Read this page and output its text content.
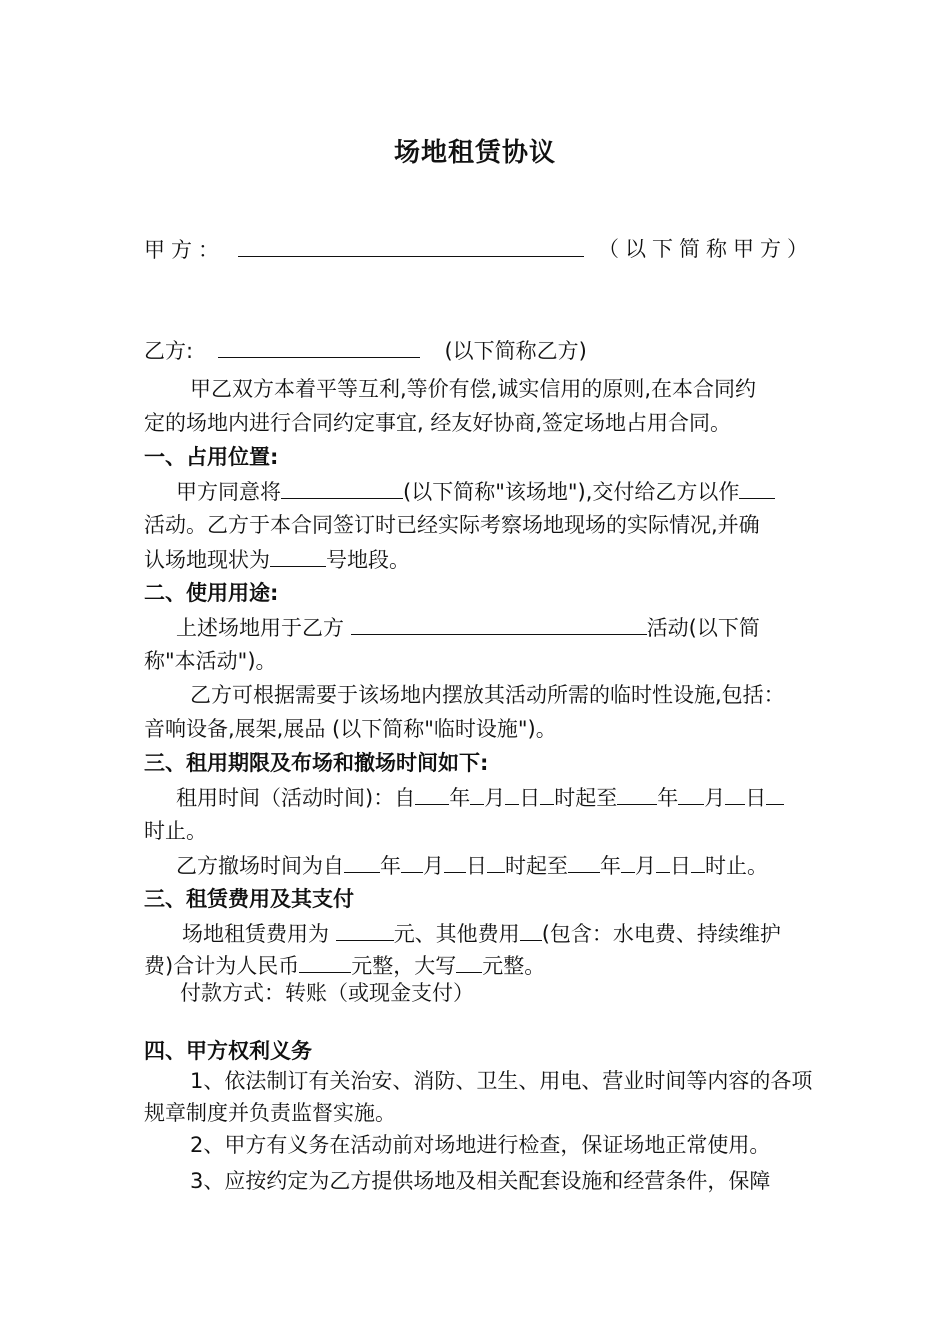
场地租赁协议
甲方：	（以下简称甲方）
乙方:	(以下简称乙方)
甲乙双方本着平等互利,等价有偿,诚实信用的原则,在本合同约
定的场地内进行合同约定事宜, 经友好协商,签定场地占用合同。
一、占用位置:
甲方同意将	(以下简称"该场地"),交付给乙方以作
活动。乙方于本合同签订时已经实际考察场地现场的实际情况,并确
认场地现状为	号地段。
二、使用用途:
上述场地用于乙方	活动(以下简
称"本活动")。
乙方可根据需要于该场地内摆放其活动所需的临时性设施,包括：
音响设备,展架,展品 (以下简称"临时设施")。
三、租用期限及布场和撤场时间如下:
租用时间（活动时间)：自 年 月 日 时起至 年 月 日
时止。
乙方撤场时间为自 年 月 日 时起至 年 月 日 时止。
三、租赁费用及其支付
场地租赁费用为	元、其他费用 (包含：水电费、持续维护
费)合计为人民币 元整，大写 元整。
付款方式：转账（或现金支付）
四、甲方权利义务
1、依法制订有关治安、消防、卫生、用电、营业时间等内容的各项
规章制度并负责监督实施。
2、甲方有义务在活动前对场地进行检查，保证场地正常使用。
3、应按约定为乙方提供场地及相关配套设施和经营条件，保障
